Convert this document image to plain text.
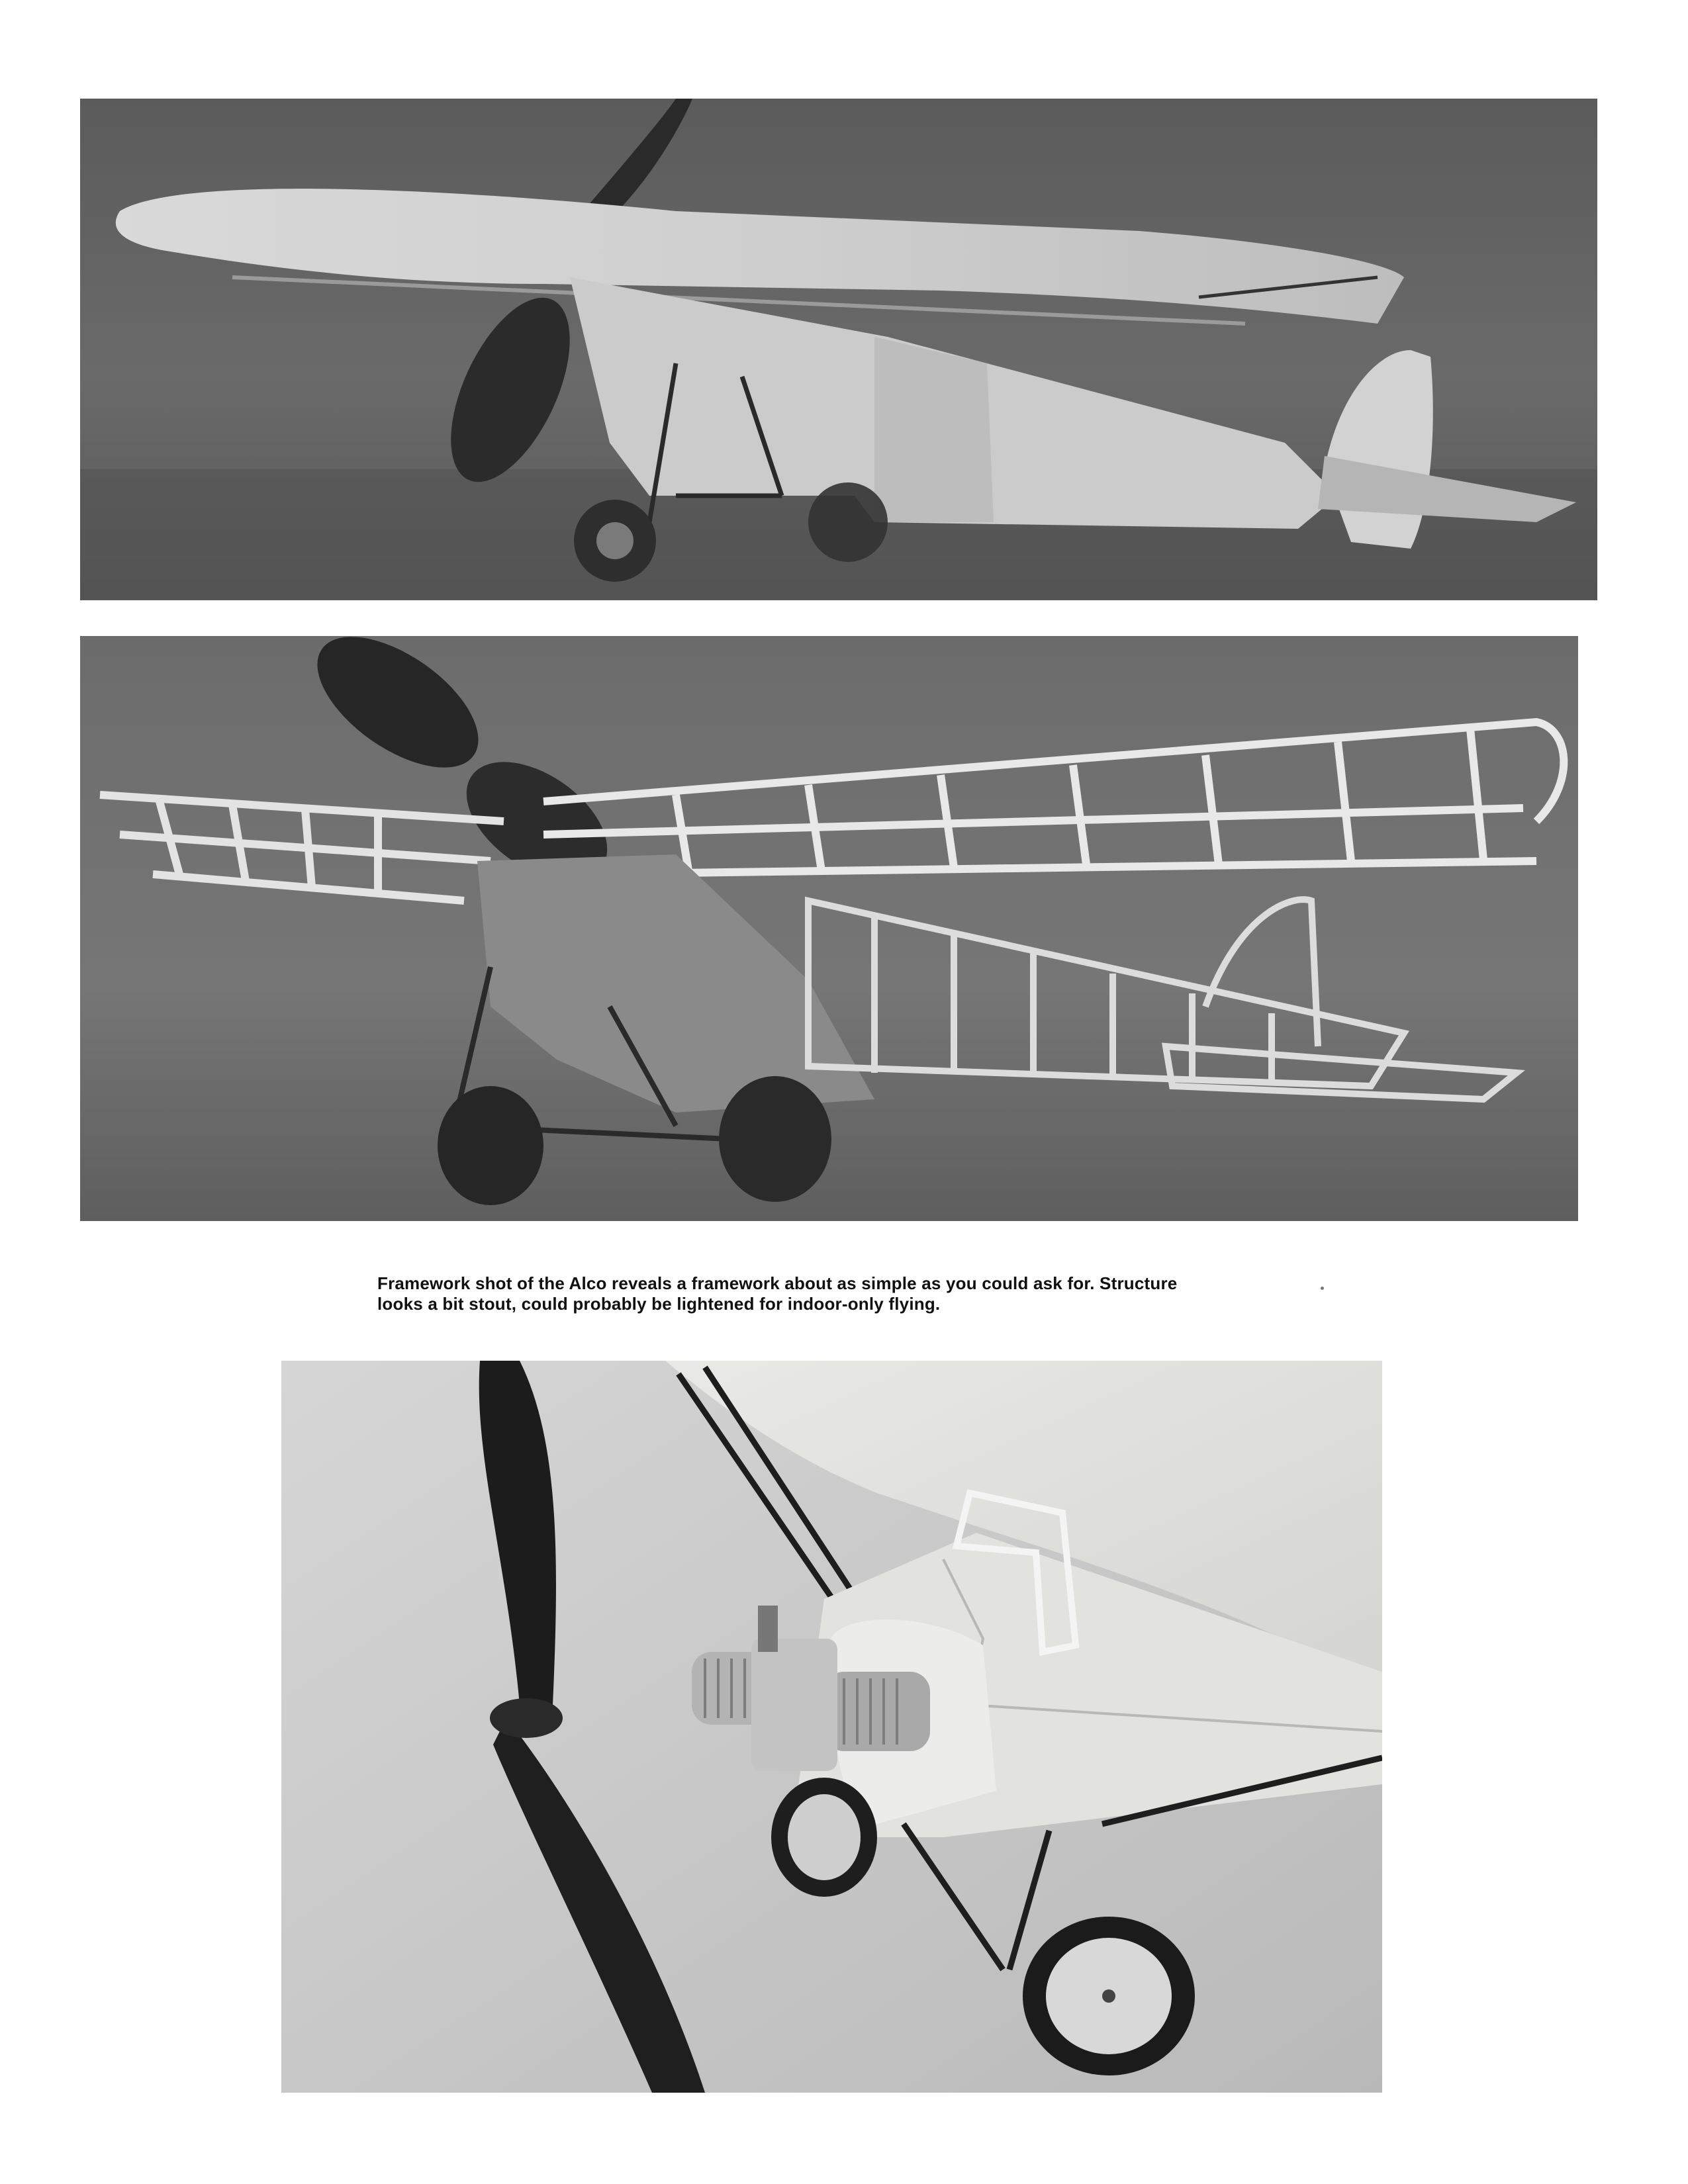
Framework shot of the Alco reveals a framework about as simple as you could ask for. Structure
looks a bit stout, could probably be lightened for indoor-only flying.
